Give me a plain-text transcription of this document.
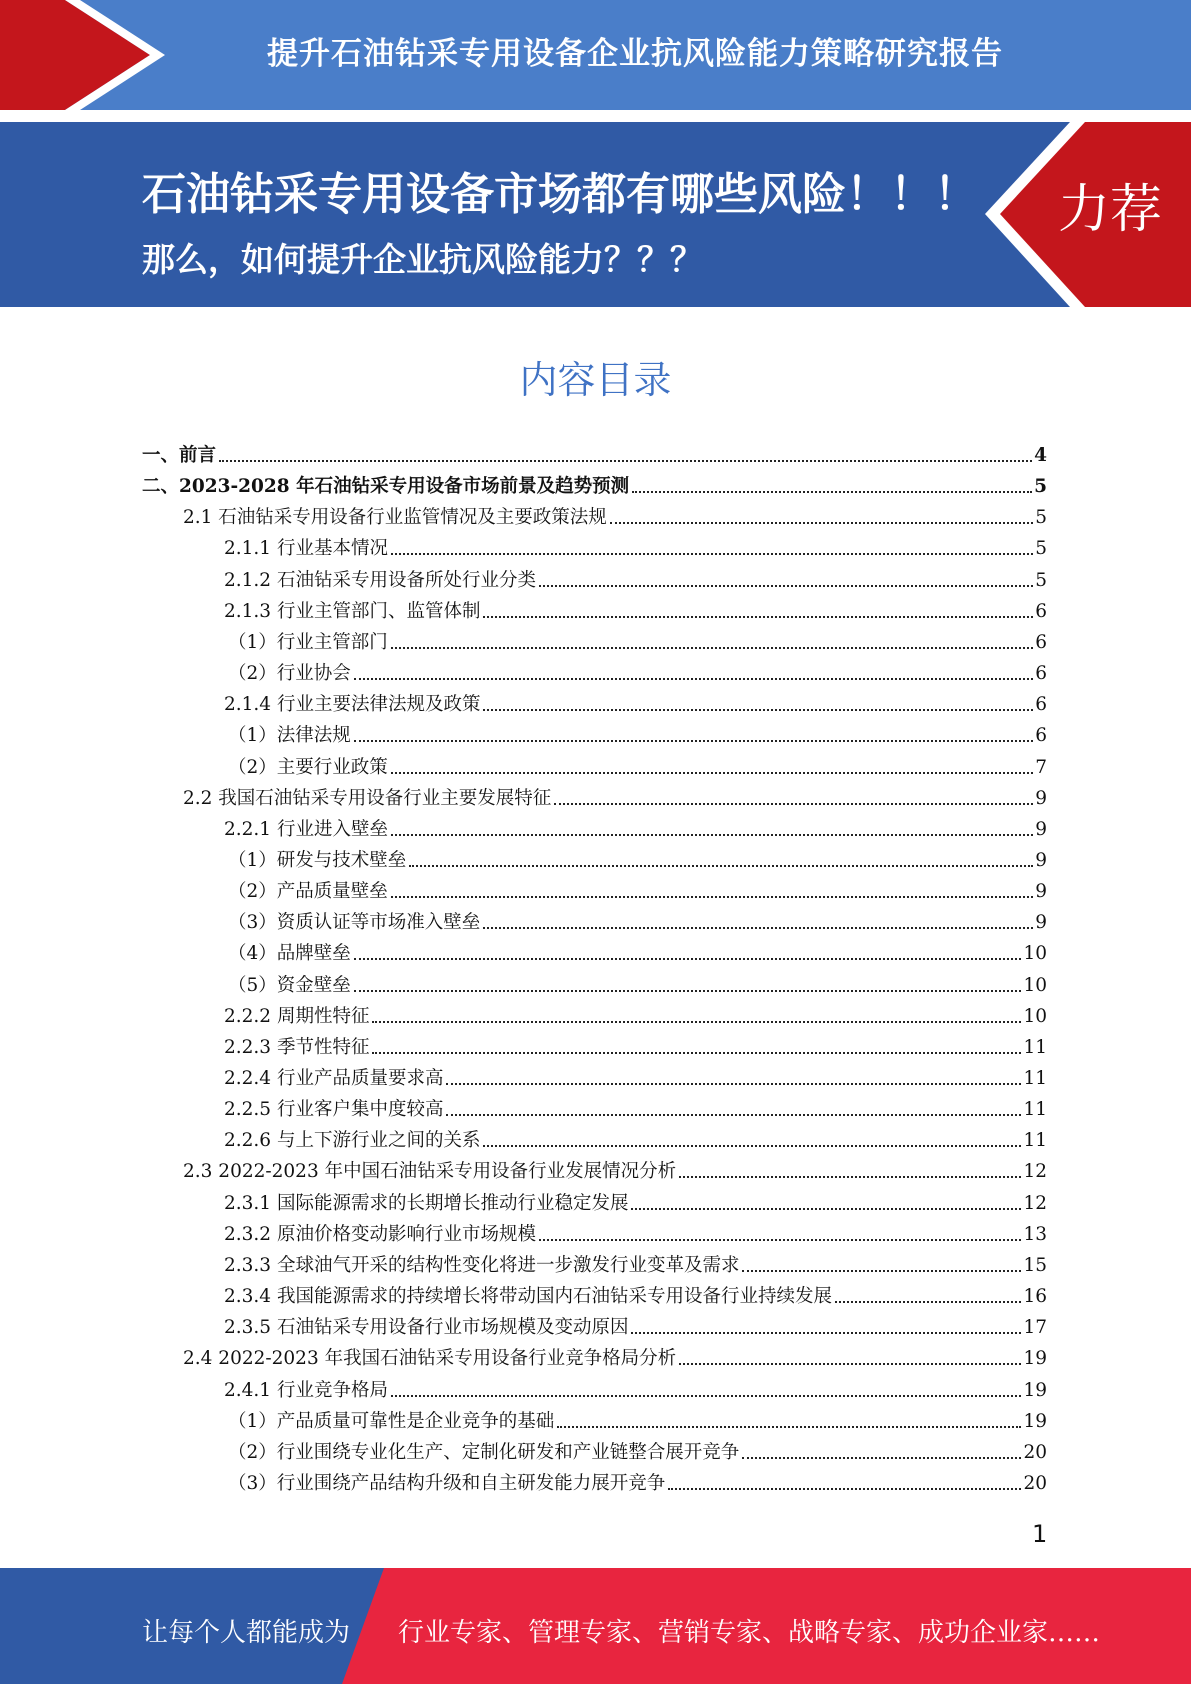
提升石油钻采专用设备企业抗风险能力策略研究报告
石油钻采专用设备市场都有哪些风险！！！
那么，如何提升企业抗风险能力？？？
力荐
内容目录
一、前言	4
二、2023-2028 年石油钻采专用设备市场前景及趋势预测	5
2.1 石油钻采专用设备行业监管情况及主要政策法规	5
2.1.1 行业基本情况	5
2.1.2 石油钻采专用设备所处行业分类	5
2.1.3 行业主管部门、监管体制	6
（1）行业主管部门	6
（2）行业协会	6
2.1.4 行业主要法律法规及政策	6
（1）法律法规	6
（2）主要行业政策	7
2.2 我国石油钻采专用设备行业主要发展特征	9
2.2.1 行业进入壁垒	9
（1）研发与技术壁垒	9
（2）产品质量壁垒	9
（3）资质认证等市场准入壁垒	9
（4）品牌壁垒	10
（5）资金壁垒	10
2.2.2 周期性特征	10
2.2.3 季节性特征	11
2.2.4 行业产品质量要求高	11
2.2.5 行业客户集中度较高	11
2.2.6 与上下游行业之间的关系	11
2.3 2022-2023 年中国石油钻采专用设备行业发展情况分析	12
2.3.1 国际能源需求的长期增长推动行业稳定发展	12
2.3.2 原油价格变动影响行业市场规模	13
2.3.3 全球油气开采的结构性变化将进一步激发行业变革及需求	15
2.3.4 我国能源需求的持续增长将带动国内石油钻采专用设备行业持续发展	16
2.3.5 石油钻采专用设备行业市场规模及变动原因	17
2.4 2022-2023 年我国石油钻采专用设备行业竞争格局分析	19
2.4.1 行业竞争格局	19
（1）产品质量可靠性是企业竞争的基础	19
（2）行业围绕专业化生产、定制化研发和产业链整合展开竞争	20
（3）行业围绕产品结构升级和自主研发能力展开竞争	20
1
让每个人都能成为 行业专家、管理专家、营销专家、战略专家、成功企业家……
